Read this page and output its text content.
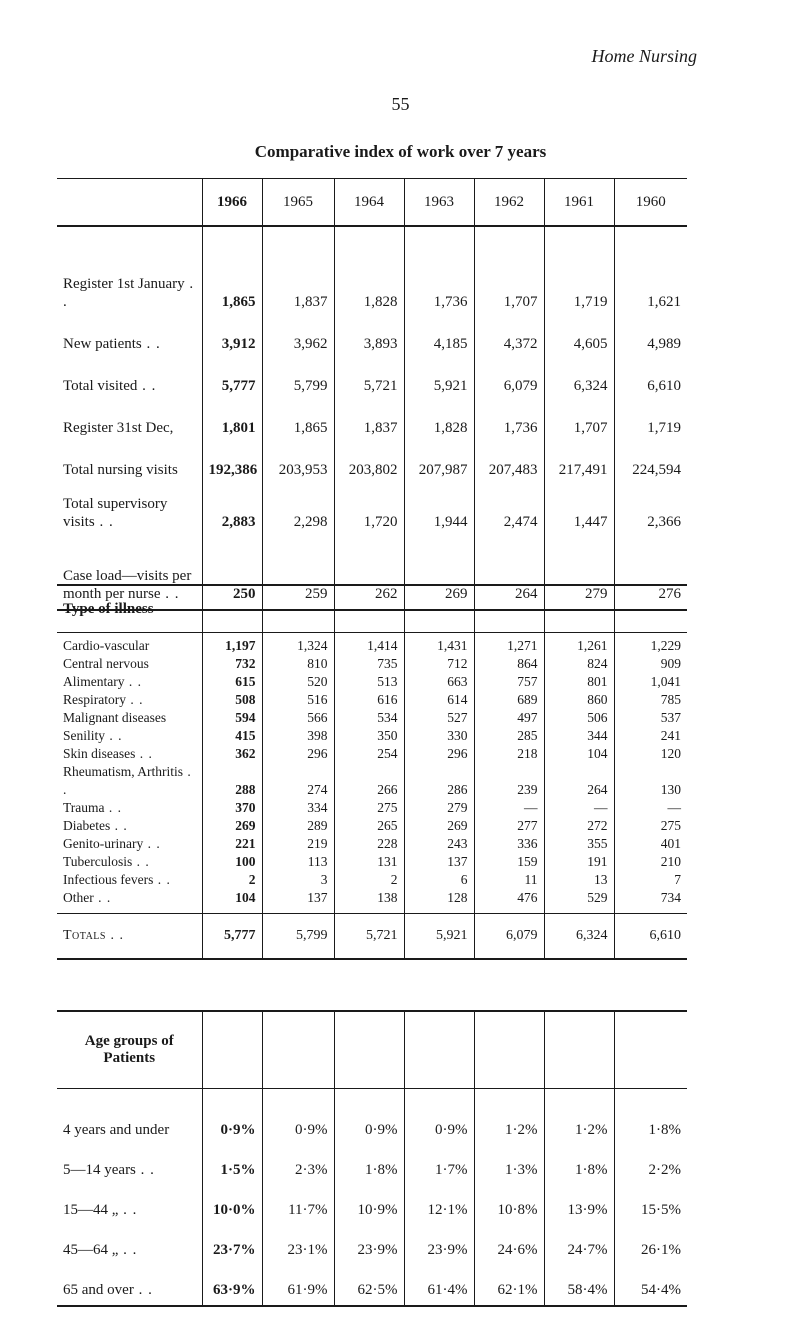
Home Nursing
55
Comparative index of work over 7 years
	1966	1965	1964	1963	1962	1961	1960
Register 1st January . .	1,865	1,837	1,828	1,736	1,707	1,719	1,621
New patients . .	3,912	3,962	3,893	4,185	4,372	4,605	4,989
Total visited . .	5,777	5,799	5,721	5,921	6,079	6,324	6,610
Register 31st Dec,	1,801	1,865	1,837	1,828	1,736	1,707	1,719
Total nursing visits	192,386	203,953	203,802	207,987	207,483	217,491	224,594
Total supervisory visits . .	2,883	2,298	1,720	1,944	2,474	1,447	2,366
Case load—visits per month per nurse . .	250	259	262	269	264	279	276
Type of illness							
Cardio-vascular	1,197	1,324	1,414	1,431	1,271	1,261	1,229
Central nervous	732	810	735	712	864	824	909
Alimentary . .	615	520	513	663	757	801	1,041
Respiratory . .	508	516	616	614	689	860	785
Malignant diseases	594	566	534	527	497	506	537
Senility . .	415	398	350	330	285	344	241
Skin diseases . .	362	296	254	296	218	104	120
Rheumatism, Arthritis . .	288	274	266	286	239	264	130
Trauma . .	370	334	275	279	—	—	—
Diabetes . .	269	289	265	269	277	272	275
Genito-urinary . .	221	219	228	243	336	355	401
Tuberculosis . .	100	113	131	137	159	191	210
Infectious fevers . .	2	3	2	6	11	13	7
Other . .	104	137	138	128	476	529	734
Totals . .	5,777	5,799	5,721	5,921	6,079	6,324	6,610
Age groups of Patients							
4 years and under	0·9%	0·9%	0·9%	0·9%	1·2%	1·2%	1·8%
5—14 years . .	1·5%	2·3%	1·8%	1·7%	1·3%	1·8%	2·2%
15—44 „ . .	10·0%	11·7%	10·9%	12·1%	10·8%	13·9%	15·5%
45—64 „ . .	23·7%	23·1%	23·9%	23·9%	24·6%	24·7%	26·1%
65 and over . .	63·9%	61·9%	62·5%	61·4%	62·1%	58·4%	54·4%
